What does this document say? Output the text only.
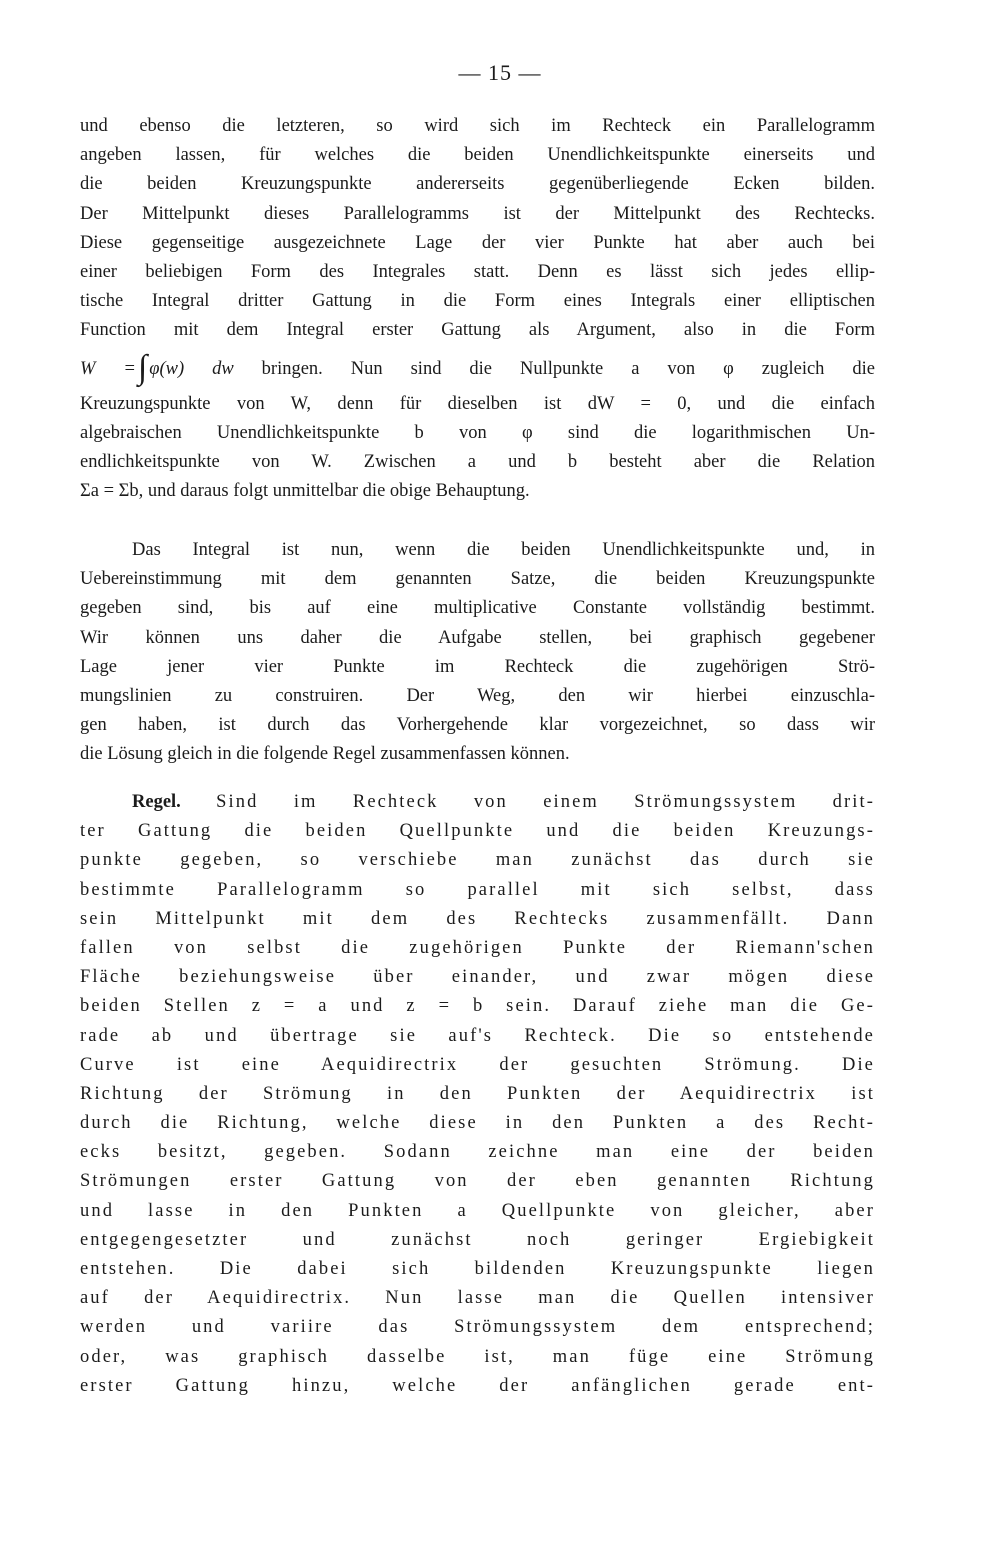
— 15 —
und ebenso die letzteren, so wird sich im Rechteck ein Parallelogramm
angeben lassen, für welches die beiden Unendlichkeitspunkte einerseits und
die beiden Kreuzungspunkte andererseits gegenüberliegende Ecken bilden.
Der Mittelpunkt dieses Parallelogramms ist der Mittelpunkt des Rechtecks.
Diese gegenseitige ausgezeichnete Lage der vier Punkte hat aber auch bei
einer beliebigen Form des Integrales statt. Denn es lässt sich jedes ellip-
tische Integral dritter Gattung in die Form eines Integrals einer elliptischen
Function mit dem Integral erster Gattung als Argument, also in die Form
W =∫ φ(w) dw bringen. Nun sind die Nullpunkte a von φ zugleich die
Kreuzungspunkte von W, denn für dieselben ist dW = 0, und die einfach
algebraischen Unendlichkeitspunkte b von φ sind die logarithmischen Un-
endlichkeitspunkte von W. Zwischen a und b besteht aber die Relation
Σa = Σb, und daraus folgt unmittelbar die obige Behauptung.
Das Integral ist nun, wenn die beiden Unendlichkeitspunkte und, in
Uebereinstimmung mit dem genannten Satze, die beiden Kreuzungspunkte
gegeben sind, bis auf eine multiplicative Constante vollständig bestimmt.
Wir können uns daher die Aufgabe stellen, bei graphisch gegebener
Lage jener vier Punkte im Rechteck die zugehörigen Strö-
mungslinien zu construiren. Der Weg, den wir hierbei einzuschla-
gen haben, ist durch das Vorhergehende klar vorgezeichnet, so dass wir
die Lösung gleich in die folgende Regel zusammenfassen können.
Regel. Sind im Rechteck von einem Strömungssystem drit-
ter Gattung die beiden Quellpunkte und die beiden Kreuzungs-
punkte gegeben, so verschiebe man zunächst das durch sie
bestimmte Parallelogramm so parallel mit sich selbst, dass
sein Mittelpunkt mit dem des Rechtecks zusammenfällt. Dann
fallen von selbst die zugehörigen Punkte der Riemann'schen
Fläche beziehungsweise über einander, und zwar mögen diese
beiden Stellen z = a und z = b sein. Darauf ziehe man die Ge-
rade ab und übertrage sie auf's Rechteck. Die so entstehende
Curve ist eine Aequidirectrix der gesuchten Strömung. Die
Richtung der Strömung in den Punkten der Aequidirectrix ist
durch die Richtung, welche diese in den Punkten a des Recht-
ecks besitzt, gegeben. Sodann zeichne man eine der beiden
Strömungen erster Gattung von der eben genannten Richtung
und lasse in den Punkten a Quellpunkte von gleicher, aber
entgegengesetzter und zunächst noch geringer Ergiebigkeit
entstehen. Die dabei sich bildenden Kreuzungspunkte liegen
auf der Aequidirectrix. Nun lasse man die Quellen intensiver
werden und variire das Strömungssystem dem entsprechend;
oder, was graphisch dasselbe ist, man füge eine Strömung
erster Gattung hinzu, welche der anfänglichen gerade ent-
